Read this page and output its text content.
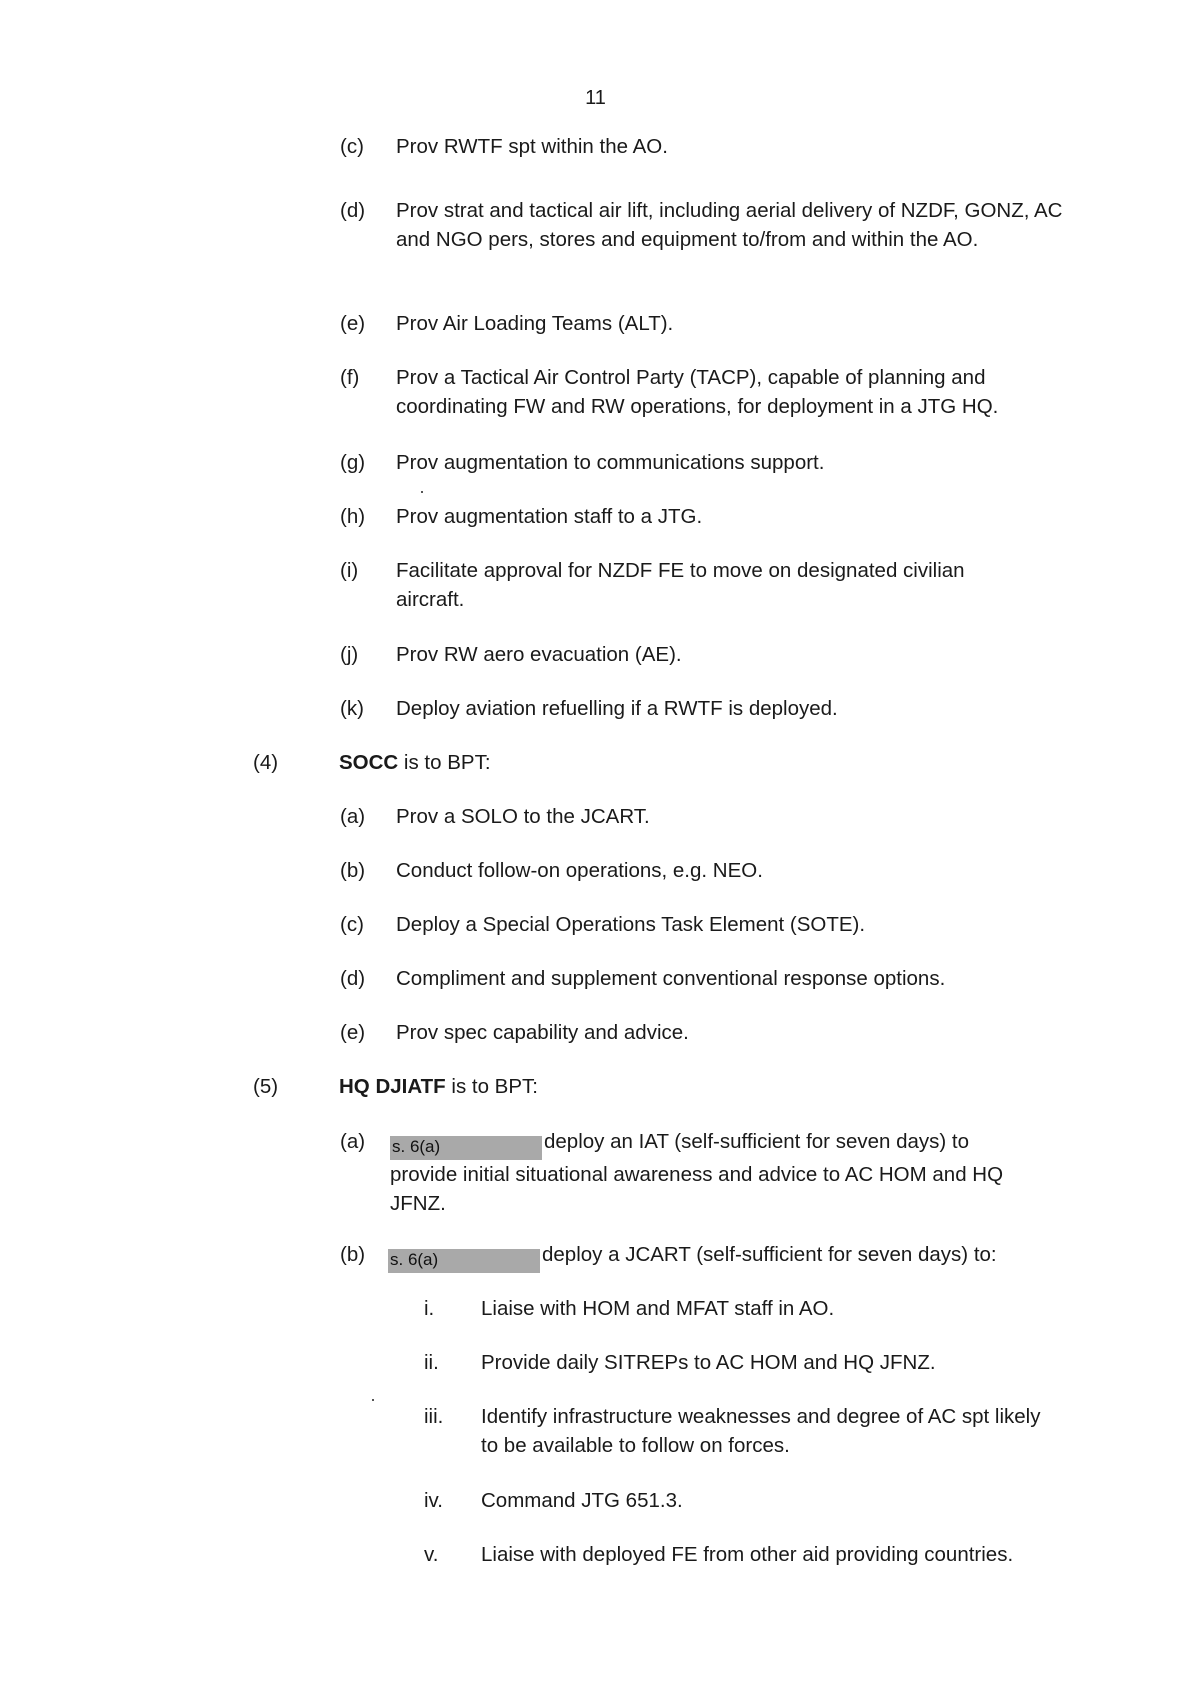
11
(c) Prov RWTF spt within the AO.
(d) Prov strat and tactical air lift, including aerial delivery of NZDF, GONZ, AC and NGO pers, stores and equipment to/from and within the AO.
(e) Prov Air Loading Teams (ALT).
(f) Prov a Tactical Air Control Party (TACP), capable of planning and coordinating FW and RW operations, for deployment in a JTG HQ.
(g) Prov augmentation to communications support.
(h) Prov augmentation staff to a JTG.
(i) Facilitate approval for NZDF FE to move on designated civilian aircraft.
(j) Prov RW aero evacuation (AE).
(k) Deploy aviation refuelling if a RWTF is deployed.
(4)	SOCC is to BPT:
(a) Prov a SOLO to the JCART.
(b) Conduct follow-on operations, e.g. NEO.
(c) Deploy a Special Operations Task Element (SOTE).
(d) Compliment and supplement conventional response options.
(e) Prov spec capability and advice.
(5)	HQ DJIATF is to BPT:
(a) s. 6(a)	deploy an IAT (self-sufficient for seven days) to
provide initial situational awareness and advice to AC HOM and HQ JFNZ.
(b) s. 6(a)	deploy a JCART (self-sufficient for seven days) to:
i. Liaise with HOM and MFAT staff in AO.
ii. Provide daily SITREPs to AC HOM and HQ JFNZ.
iii. Identify infrastructure weaknesses and degree of AC spt likely to be available to follow on forces.
iv. Command JTG 651.3.
v. Liaise with deployed FE from other aid providing countries.
